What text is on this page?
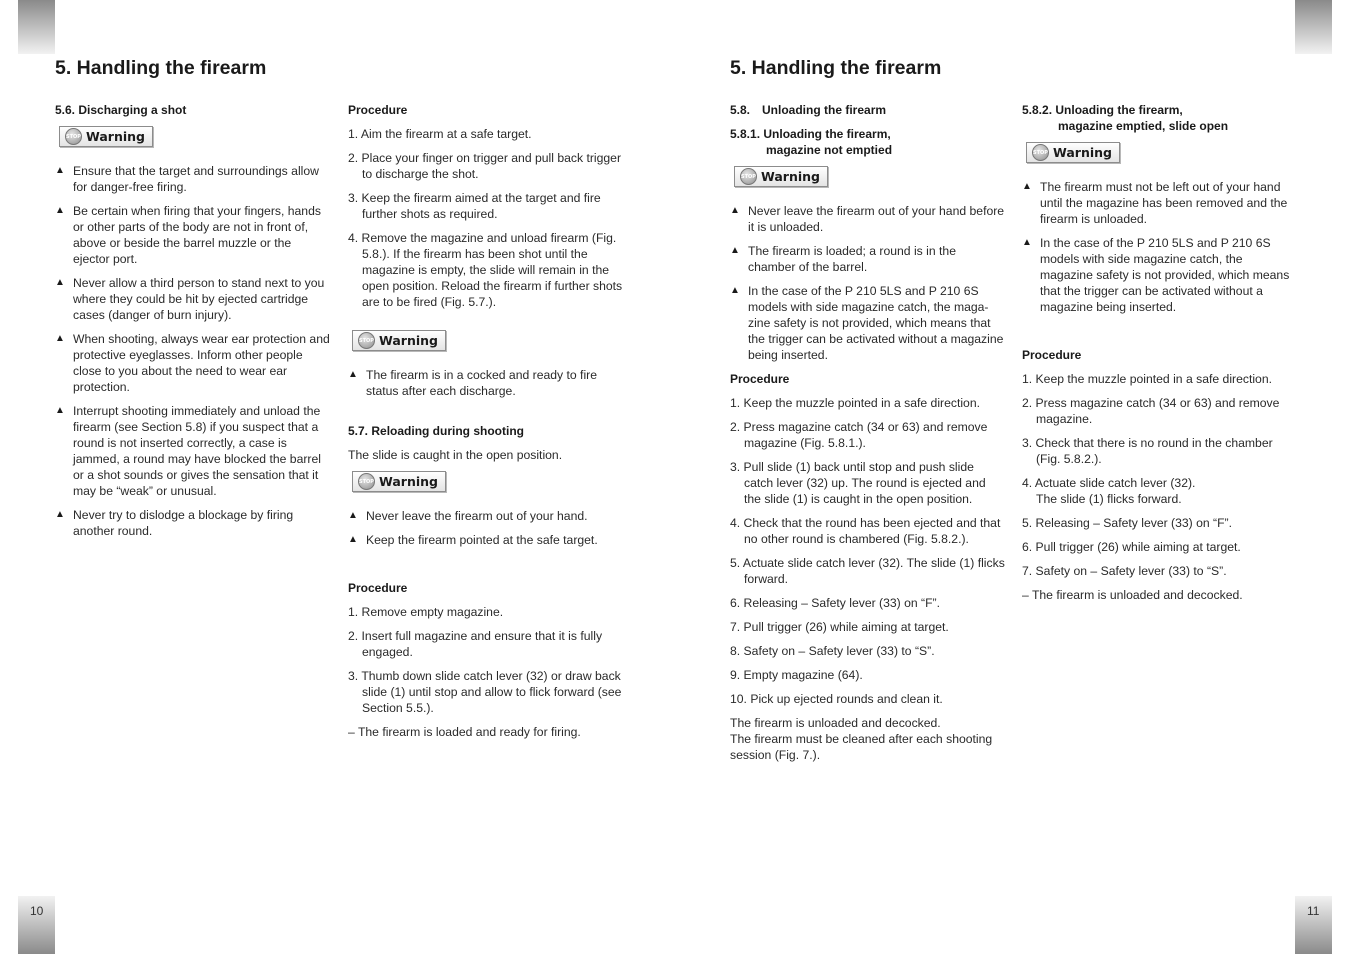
10	11
5. Handling the firearm	5. Handling the firearm
5.6. Discharging a shot
STOP Warning
▲ Ensure that the target and surroundings allow for danger-free firing.
▲ Be certain when firing that your fingers, hands or other parts of the body are not in front of, above or beside the barrel muzzle or the ejector port.
▲ Never allow a third person to stand next to you where they could be hit by ejected cartridge cases (danger of burn injury).
▲ When shooting, always wear ear protection and protective eyeglasses. Inform other people close to you about the need to wear ear protection.
▲ Interrupt shooting immediately and unload the firearm (see Section 5.8) if you suspect that a round is not inserted correctly, a case is jammed, a round may have blocked the barrel or a shot sounds or gives the sensation that it may be “weak” or unusual.
▲ Never try to dislodge a blockage by firing another round.
Procedure

1. Aim the firearm at a safe target.

2. Place your finger on trigger and pull back trigger to discharge the shot.

3. Keep the firearm aimed at the target and fire further shots as required.

4. Remove the magazine and unload firearm (Fig. 5.8.). If the firearm has been shot until the magazine is empty, the slide will remain in the open position. Reload the firearm if further shots are to be fired (Fig. 5.7.).

STOP Warning
▲ The firearm is in a cocked and ready to fire status after each discharge.
5.7. Reloading during shooting

The slide is caught in the open position.

STOP Warning
▲ Never leave the firearm out of your hand.
▲ Keep the firearm pointed at the safe target.
Procedure

1. Remove empty magazine.

2. Insert full magazine and ensure that it is fully engaged.

3. Thumb down slide catch lever (32) or draw back slide (1) until stop and allow to flick forward (see Section 5.5.).

– The firearm is loaded and ready for firing.

5.8. Unloading the firearm
5.8.1. Unloading the firearm,
magazine not emptied
STOP Warning
▲ Never leave the firearm out of your hand before it is unloaded.
▲ The firearm is loaded; a round is in the chamber of the barrel.
▲ In the case of the P 210 5LS and P 210 6S models with side magazine catch, the maga-zine safety is not provided, which means that the trigger can be activated without a magazine being inserted.
Procedure

1. Keep the muzzle pointed in a safe direction.

2. Press magazine catch (34 or 63) and remove magazine (Fig. 5.8.1.).

3. Pull slide (1) back until stop and push slide catch lever (32) up. The round is ejected and the slide (1) is caught in the open position.

4. Check that the round has been ejected and that no other round is chambered (Fig. 5.8.2.).

5. Actuate slide catch lever (32). The slide (1) flicks forward.

6. Releasing – Safety lever (33) on “F”.

7. Pull trigger (26) while aiming at target.

8. Safety on – Safety lever (33) to “S”.

9. Empty magazine (64).

10. Pick up ejected rounds and clean it.

The firearm is unloaded and decocked.

The firearm must be cleaned after each shooting session (Fig. 7.).

5.8.2. Unloading the firearm,
magazine emptied, slide open
STOP Warning
▲ The firearm must not be left out of your hand until the magazine has been removed and the firearm is unloaded.
▲ In the case of the P 210 5LS and P 210 6S models with side magazine catch, the magazine safety is not provided, which means that the trigger can be activated without a magazine being inserted.
Procedure

1. Keep the muzzle pointed in a safe direction.

2. Press magazine catch (34 or 63) and remove magazine.

3. Check that there is no round in the chamber (Fig. 5.8.2.).

4. Actuate slide catch lever (32).

The slide (1) flicks forward.

5. Releasing – Safety lever (33) on “F”.

6. Pull trigger (26) while aiming at target.

7. Safety on – Safety lever (33) to “S”.

– The firearm is unloaded and decocked.
